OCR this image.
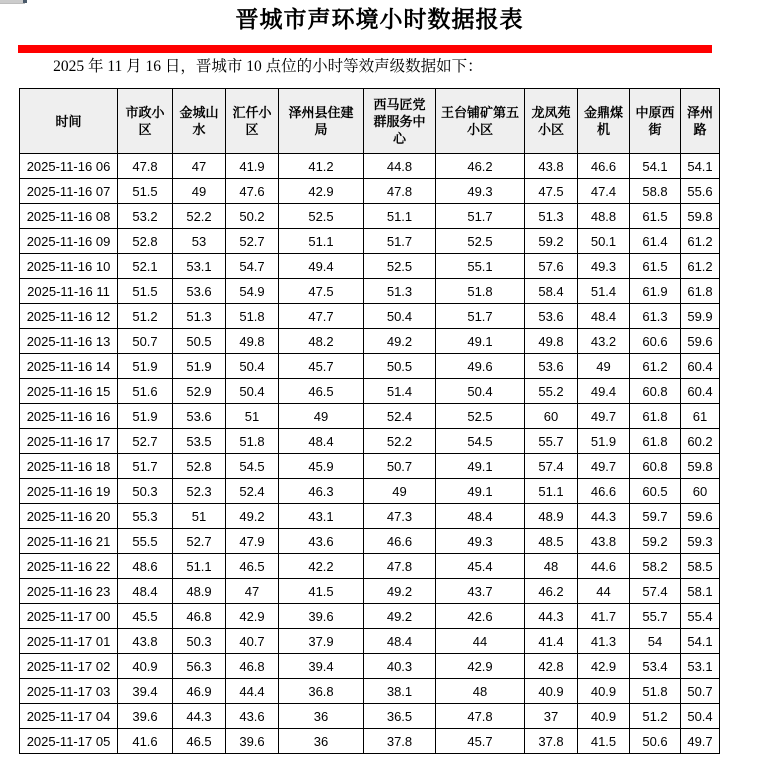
晋城市声环境小时数据报表

2025 年 11 月 16 日，晋城市 10 点位的小时等效声级数据如下：

时间	市政小区	金城山水	汇仟小区	泽州县住建局	西马匠党群服务中心	王台铺矿第五小区	龙凤苑小区	金鼎煤机	中原西街	泽州路
2025-11-16 06	47.8	47	41.9	41.2	44.8	46.2	43.8	46.6	54.1	54.1
2025-11-16 07	51.5	49	47.6	42.9	47.8	49.3	47.5	47.4	58.8	55.6
2025-11-16 08	53.2	52.2	50.2	52.5	51.1	51.7	51.3	48.8	61.5	59.8
2025-11-16 09	52.8	53	52.7	51.1	51.7	52.5	59.2	50.1	61.4	61.2
2025-11-16 10	52.1	53.1	54.7	49.4	52.5	55.1	57.6	49.3	61.5	61.2
2025-11-16 11	51.5	53.6	54.9	47.5	51.3	51.8	58.4	51.4	61.9	61.8
2025-11-16 12	51.2	51.3	51.8	47.7	50.4	51.7	53.6	48.4	61.3	59.9
2025-11-16 13	50.7	50.5	49.8	48.2	49.2	49.1	49.8	43.2	60.6	59.6
2025-11-16 14	51.9	51.9	50.4	45.7	50.5	49.6	53.6	49	61.2	60.4
2025-11-16 15	51.6	52.9	50.4	46.5	51.4	50.4	55.2	49.4	60.8	60.4
2025-11-16 16	51.9	53.6	51	49	52.4	52.5	60	49.7	61.8	61
2025-11-16 17	52.7	53.5	51.8	48.4	52.2	54.5	55.7	51.9	61.8	60.2
2025-11-16 18	51.7	52.8	54.5	45.9	50.7	49.1	57.4	49.7	60.8	59.8
2025-11-16 19	50.3	52.3	52.4	46.3	49	49.1	51.1	46.6	60.5	60
2025-11-16 20	55.3	51	49.2	43.1	47.3	48.4	48.9	44.3	59.7	59.6
2025-11-16 21	55.5	52.7	47.9	43.6	46.6	49.3	48.5	43.8	59.2	59.3
2025-11-16 22	48.6	51.1	46.5	42.2	47.8	45.4	48	44.6	58.2	58.5
2025-11-16 23	48.4	48.9	47	41.5	49.2	43.7	46.2	44	57.4	58.1
2025-11-17 00	45.5	46.8	42.9	39.6	49.2	42.6	44.3	41.7	55.7	55.4
2025-11-17 01	43.8	50.3	40.7	37.9	48.4	44	41.4	41.3	54	54.1
2025-11-17 02	40.9	56.3	46.8	39.4	40.3	42.9	42.8	42.9	53.4	53.1
2025-11-17 03	39.4	46.9	44.4	36.8	38.1	48	40.9	40.9	51.8	50.7
2025-11-17 04	39.6	44.3	43.6	36	36.5	47.8	37	40.9	51.2	50.4
2025-11-17 05	41.6	46.5	39.6	36	37.8	45.7	37.8	41.5	50.6	49.7
